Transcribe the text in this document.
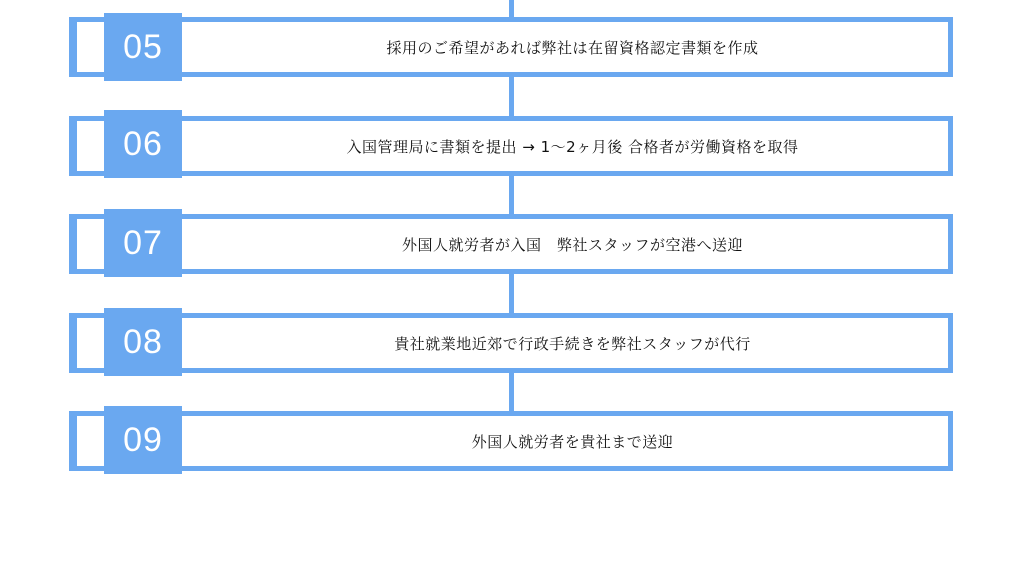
採用のご希望があれば弊社は在留資格認定書類を作成
05
入国管理局に書類を提出 → 1～2ヶ月後 合格者が労働資格を取得
06
外国人就労者が入国　弊社スタッフが空港へ送迎
07
貴社就業地近郊で行政手続きを弊社スタッフが代行
08
外国人就労者を貴社まで送迎
09
